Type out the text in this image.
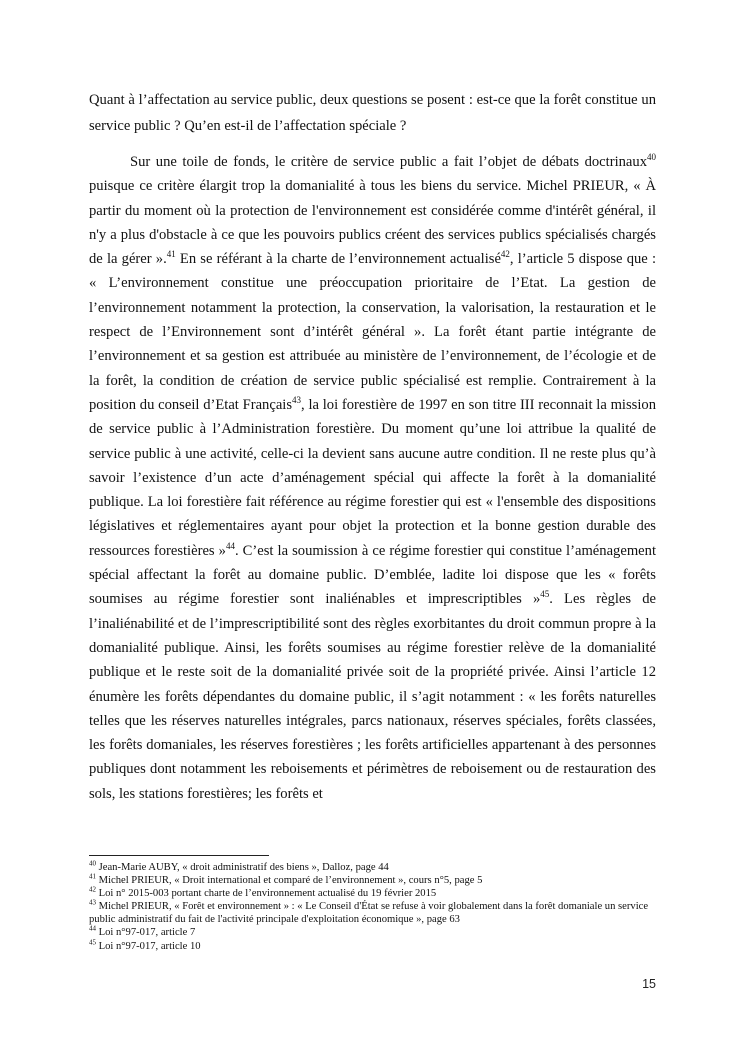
Quant à l’affectation au service public, deux questions se posent : est-ce que la forêt constitue un service public ? Qu’en est-il de l’affectation spéciale ?

Sur une toile de fonds, le critère de service public a fait l’objet de débats doctrinaux$^{40}$ puisque ce critère élargit trop la domanialité à tous les biens du service. Michel PRIEUR, « À partir du moment où la protection de l'environnement est considérée comme d'intérêt général, il n'y a plus d'obstacle à ce que les pouvoirs publics créent des services publics spécialisés chargés de la gérer ».$^{41}$ En se référant à la charte de l’environnement actualisé$^{42}$, l’article 5 dispose que : « L’environnement constitue une préoccupation prioritaire de l’Etat. La gestion de l’environnement notamment la protection, la conservation, la valorisation, la restauration et le respect de l’Environnement sont d’intérêt général ». La forêt étant partie intégrante de l’environnement et sa gestion est attribuée au ministère de l’environnement, de l’écologie et de la forêt, la condition de création de service public spécialisé est remplie. Contrairement à la position du conseil d’Etat Français$^{43}$, la loi forestière de 1997 en son titre III reconnait la mission de service public à l’Administration forestière. Du moment qu’une loi attribue la qualité de service public à une activité, celle-ci la devient sans aucune autre condition. Il ne reste plus qu’à savoir l’existence d’un acte d’aménagement spécial qui affecte la forêt à la domanialité publique. La loi forestière fait référence au régime forestier qui est « l'ensemble des dispositions législatives et réglementaires ayant pour objet la protection et la bonne gestion durable des ressources forestières »$^{44}$. C’est la soumission à ce régime forestier qui constitue l’aménagement spécial affectant la forêt au domaine public. D’emblée, ladite loi dispose que les « forêts soumises au régime forestier sont inaliénables et imprescriptibles »$^{45}$. Les règles de l’inaliénabilité et de l’imprescriptibilité sont des règles exorbitantes du droit commun propre à la domanialité publique. Ainsi, les forêts soumises au régime forestier relève de la domanialité publique et le reste soit de la domanialité privée soit de la propriété privée. Ainsi l’article 12 énumère les forêts dépendantes du domaine public, il s’agit notamment : « les forêts naturelles telles que les réserves naturelles intégrales, parcs nationaux, réserves spéciales, forêts classées, les forêts domaniales, les réserves forestières ; les forêts artificielles appartenant à des personnes publiques dont notamment les reboisements et périmètres de reboisement ou de restauration des sols, les stations forestières; les forêts et

$^{40}$ Jean-Marie AUBY, « droit administratif des biens », Dalloz, page 44

$^{41}$ Michel PRIEUR, « Droit international et comparé de l’environnement », cours n°5, page 5

$^{42}$ Loi n° 2015-003 portant charte de l’environnement actualisé du 19 février 2015

$^{43}$ Michel PRIEUR, « Forêt et environnement » : « Le Conseil d'État se refuse à voir globalement dans la forêt domaniale un service public administratif du fait de l'activité principale d'exploitation économique », page 63

$^{44}$ Loi n°97-017, article 7

$^{45}$ Loi n°97-017, article 10

15
